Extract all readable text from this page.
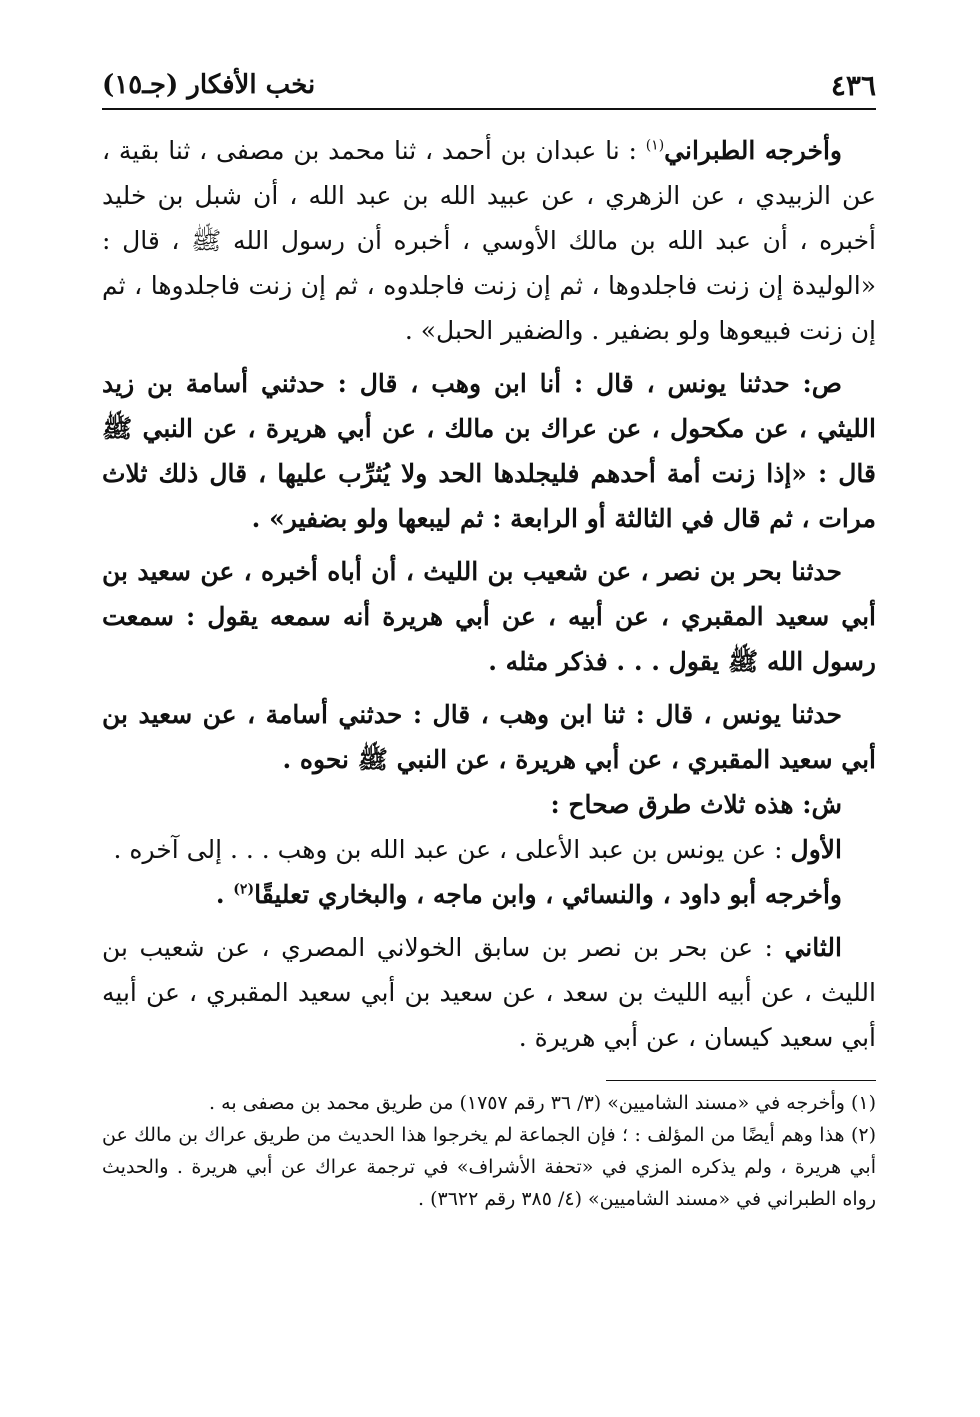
٤٣٦
نخب الأفكار (جـ١٥)

وأخرجه الطبراني$^{(١)}$ : نا عبدان بن أحمد ، ثنا محمد بن مصفى ، ثنا بقية ، عن الزبيدي ، عن الزهري ، عن عبيد الله بن عبد الله ، أن شبل بن خليد أخبره ، أن عبد الله بن مالك الأوسي ، أخبره أن رسول الله ﷺ ، قال : «الوليدة إن زنت فاجلدوها ، ثم إن زنت فاجلدوه ، ثم إن زنت فاجلدوها ، ثم إن زنت فبيعوها ولو بضفير . والضفير الحبل» .

ص: حدثنا يونس ، قال : أنا ابن وهب ، قال : حدثني أسامة بن زيد الليثي ، عن مكحول ، عن عراك بن مالك ، عن أبي هريرة ، عن النبي ﷺ قال : «إذا زنت أمة أحدهم فليجلدها الحد ولا يُثرِّب عليها ، قال ذلك ثلاث مرات ، ثم قال في الثالثة أو الرابعة : ثم ليبعها ولو بضفير» .

حدثنا بحر بن نصر ، عن شعيب بن الليث ، أن أباه أخبره ، عن سعيد بن أبي سعيد المقبري ، عن أبيه ، عن أبي هريرة أنه سمعه يقول : سمعت رسول الله ﷺ يقول . . . فذكر مثله .

حدثنا يونس ، قال : ثنا ابن وهب ، قال : حدثني أسامة ، عن سعيد بن أبي سعيد المقبري ، عن أبي هريرة ، عن النبي ﷺ نحوه .

ش: هذه ثلاث طرق صحاح :

الأول : عن يونس بن عبد الأعلى ، عن عبد الله بن وهب . . . إلى آخره .

وأخرجه أبو داود ، والنسائي ، وابن ماجه ، والبخاري تعليقًا$^{(٢)}$ .

الثاني : عن بحر بن نصر بن سابق الخولاني المصري ، عن شعيب بن الليث ، عن أبيه الليث بن سعد ، عن سعيد بن أبي سعيد المقبري ، عن أبيه أبي سعيد كيسان ، عن أبي هريرة .

(١) وأخرجه في «مسند الشاميين» (٣/ ٣٦ رقم ١٧٥٧) من طريق محمد بن مصفى به .

(٢) هذا وهم أيضًا من المؤلف : ؛ فإن الجماعة لم يخرجوا هذا الحديث من طريق عراك بن مالك عن أبي هريرة ، ولم يذكره المزي في «تحفة الأشراف» في ترجمة عراك عن أبي هريرة . والحديث رواه الطبراني في «مسند الشاميين» (٤/ ٣٨٥ رقم ٣٦٢٢) .
